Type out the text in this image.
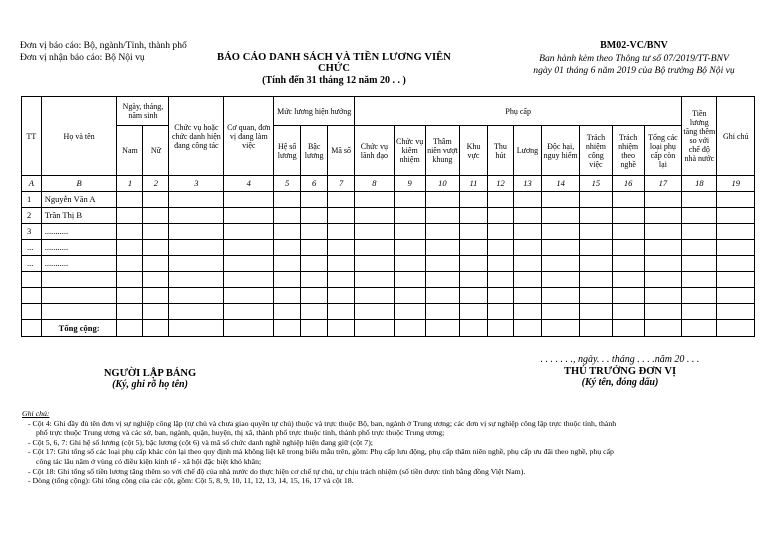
Đơn vị báo cáo: Bộ, ngành/Tỉnh, thành phố
Đơn vị nhận báo cáo: Bộ Nội vụ	BÁO CÁO DANH SÁCH VÀ TIỀN LƯƠNG VIÊN CHỨC
(Tính đến 31 tháng 12 năm 20 . . )
BM02-VC/BNV
Ban hành kèm theo Thông tư số 07/2019/TT-BNV
ngày 01 tháng 6 năm 2019 của Bộ trưởng Bộ Nội vụ
TT	Họ và tên	Ngày, tháng, năm sinh		Chức vụ hoặc chức danh hiện đang công tác	Cơ quan, đơn vị đang làm việc	Mức lương hiện hưởng			Phụ cấp										Tiền lương tăng thêm so với chế độ nhà nước	Ghi chú
		Nam	Nữ			Hệ số lương	Bậc lương	Mã số	Chức vụ lãnh đạo	Chức vụ kiêm nhiệm	Thâm niên vượt khung	Khu vực	Thu hút	Lương	Độc hại, nguy hiểm	Trách nhiệm công việc	Trách nhiệm theo nghề	Tổng các loại phụ cấp còn lại		
A	B	1	2	3	4	5	6	7	8	9	10	11	12	13	14	15	16	17	18	19
1	Nguyễn Văn A																			
2	Trần Thị B																			
3	...........																			
...	...........																			
...	...........																			

	Tổng cộng:																			
NGƯỜI LẬP BẢNG
(Ký, ghi rõ họ tên)
. . . . . . ., ngày. . . tháng . . . .năm 20 . . .
THỦ TRƯỞNG ĐƠN VỊ
(Ký tên, đóng dấu)
Ghi chú:
- Cột 4: Ghi đầy đủ tên đơn vị sự nghiệp công lập (tự chủ và chưa giao quyền tự chủ) thuộc và trực thuộc Bộ, ban, ngành ở Trung ương; các đơn vị sự nghiệp công lập trực thuộc tỉnh, thành
phố trực thuộc Trung ương và các sở, ban, ngành, quận, huyện, thị xã, thành phố trực thuộc tỉnh, thành phố trực thuộc Trung ương;
- Cột 5, 6, 7: Ghi hệ số lương (cột 5), bậc lương (cột 6) và mã số chức danh nghề nghiệp hiện đang giữ (cột 7);
- Cột 17: Ghi tổng số các loại phụ cấp khác còn lại theo quy định mà không liệt kê trong biểu mẫu trên, gồm: Phụ cấp lưu động, phụ cấp thâm niên nghề, phụ cấp ưu đãi theo nghề, phụ cấp
công tác lâu năm ở vùng có điều kiện kinh tế - xã hội đặc biệt khó khăn;
- Cột 18: Ghi tổng số tiền lương tăng thêm so với chế độ của nhà nước do thực hiện cơ chế tự chủ, tự chịu trách nhiệm (số tiền được tính bằng đồng Việt Nam).
- Dòng (tổng cộng): Ghi tổng cộng của các cột, gồm: Cột 5, 8, 9, 10, 11, 12, 13, 14, 15, 16, 17 và cột 18.
